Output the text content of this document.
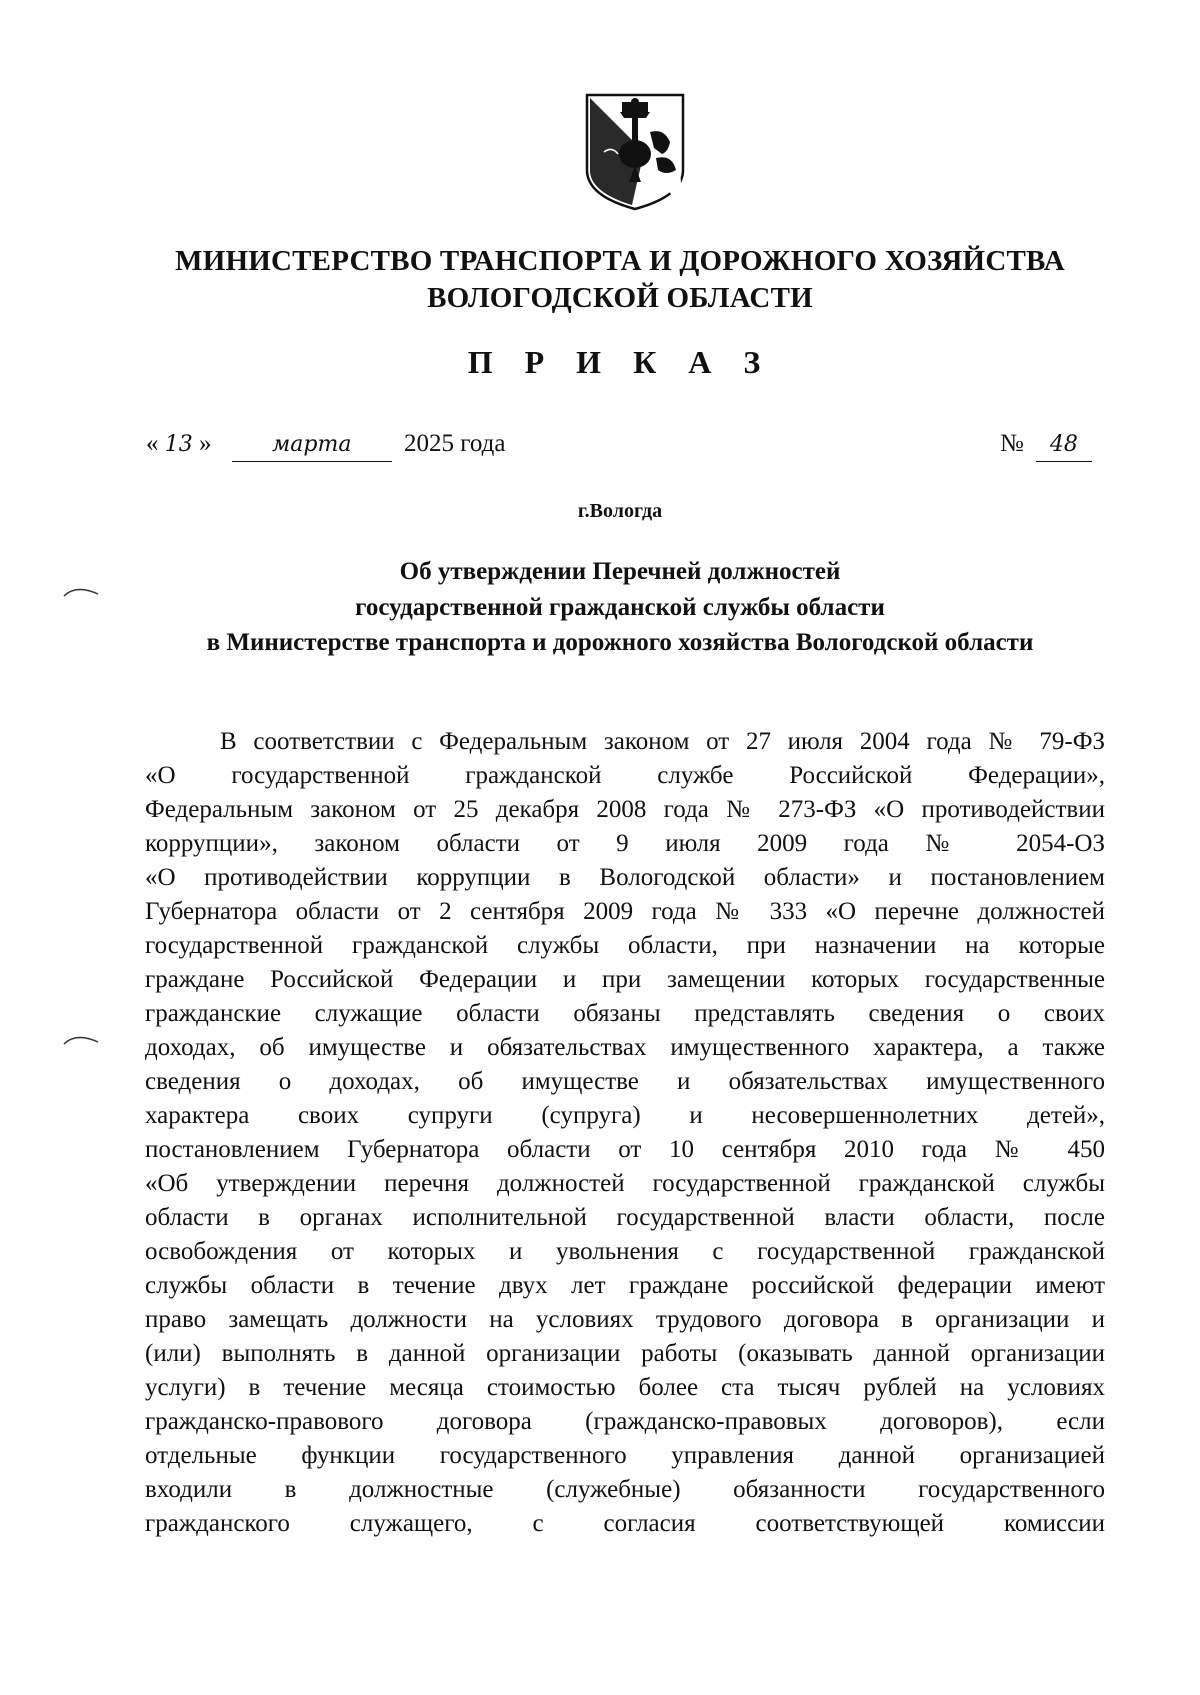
МИНИСТЕРСТВО ТРАНСПОРТА И ДОРОЖНОГО ХОЗЯЙСТВА
ВОЛОГОДСКОЙ ОБЛАСТИ
П Р И К А З
« 13 »	марта 2025 года	№ 48
г.Вологда
Об утверждении Перечней должностей
государственной гражданской службы области
в Министерстве транспорта и дорожного хозяйства Вологодской области
В соответствии с Федеральным законом от 27 июля 2004 года № 79-ФЗ
«О государственной гражданской службе Российской Федерации»,
Федеральным законом от 25 декабря 2008 года № 273-ФЗ «О противодействии
коррупции», законом области от 9 июля 2009 года № 2054-ОЗ
«О противодействии коррупции в Вологодской области» и постановлением
Губернатора области от 2 сентября 2009 года № 333 «О перечне должностей
государственной гражданской службы области, при назначении на которые
граждане Российской Федерации и при замещении которых государственные
гражданские служащие области обязаны представлять сведения о своих
доходах, об имуществе и обязательствах имущественного характера, а также
сведения о доходах, об имуществе и обязательствах имущественного
характера своих супруги (супруга) и несовершеннолетних детей»,
постановлением Губернатора области от 10 сентября 2010 года № 450
«Об утверждении перечня должностей государственной гражданской службы
области в органах исполнительной государственной власти области, после
освобождения от которых и увольнения с государственной гражданской
службы области в течение двух лет граждане российской федерации имеют
право замещать должности на условиях трудового договора в организации и
(или) выполнять в данной организации работы (оказывать данной организации
услуги) в течение месяца стоимостью более ста тысяч рублей на условиях
гражданско-правового договора (гражданско-правовых договоров), если
отдельные функции государственного управления данной организацией
входили в должностные (служебные) обязанности государственного
гражданского служащего, с согласия соответствующей комиссии
